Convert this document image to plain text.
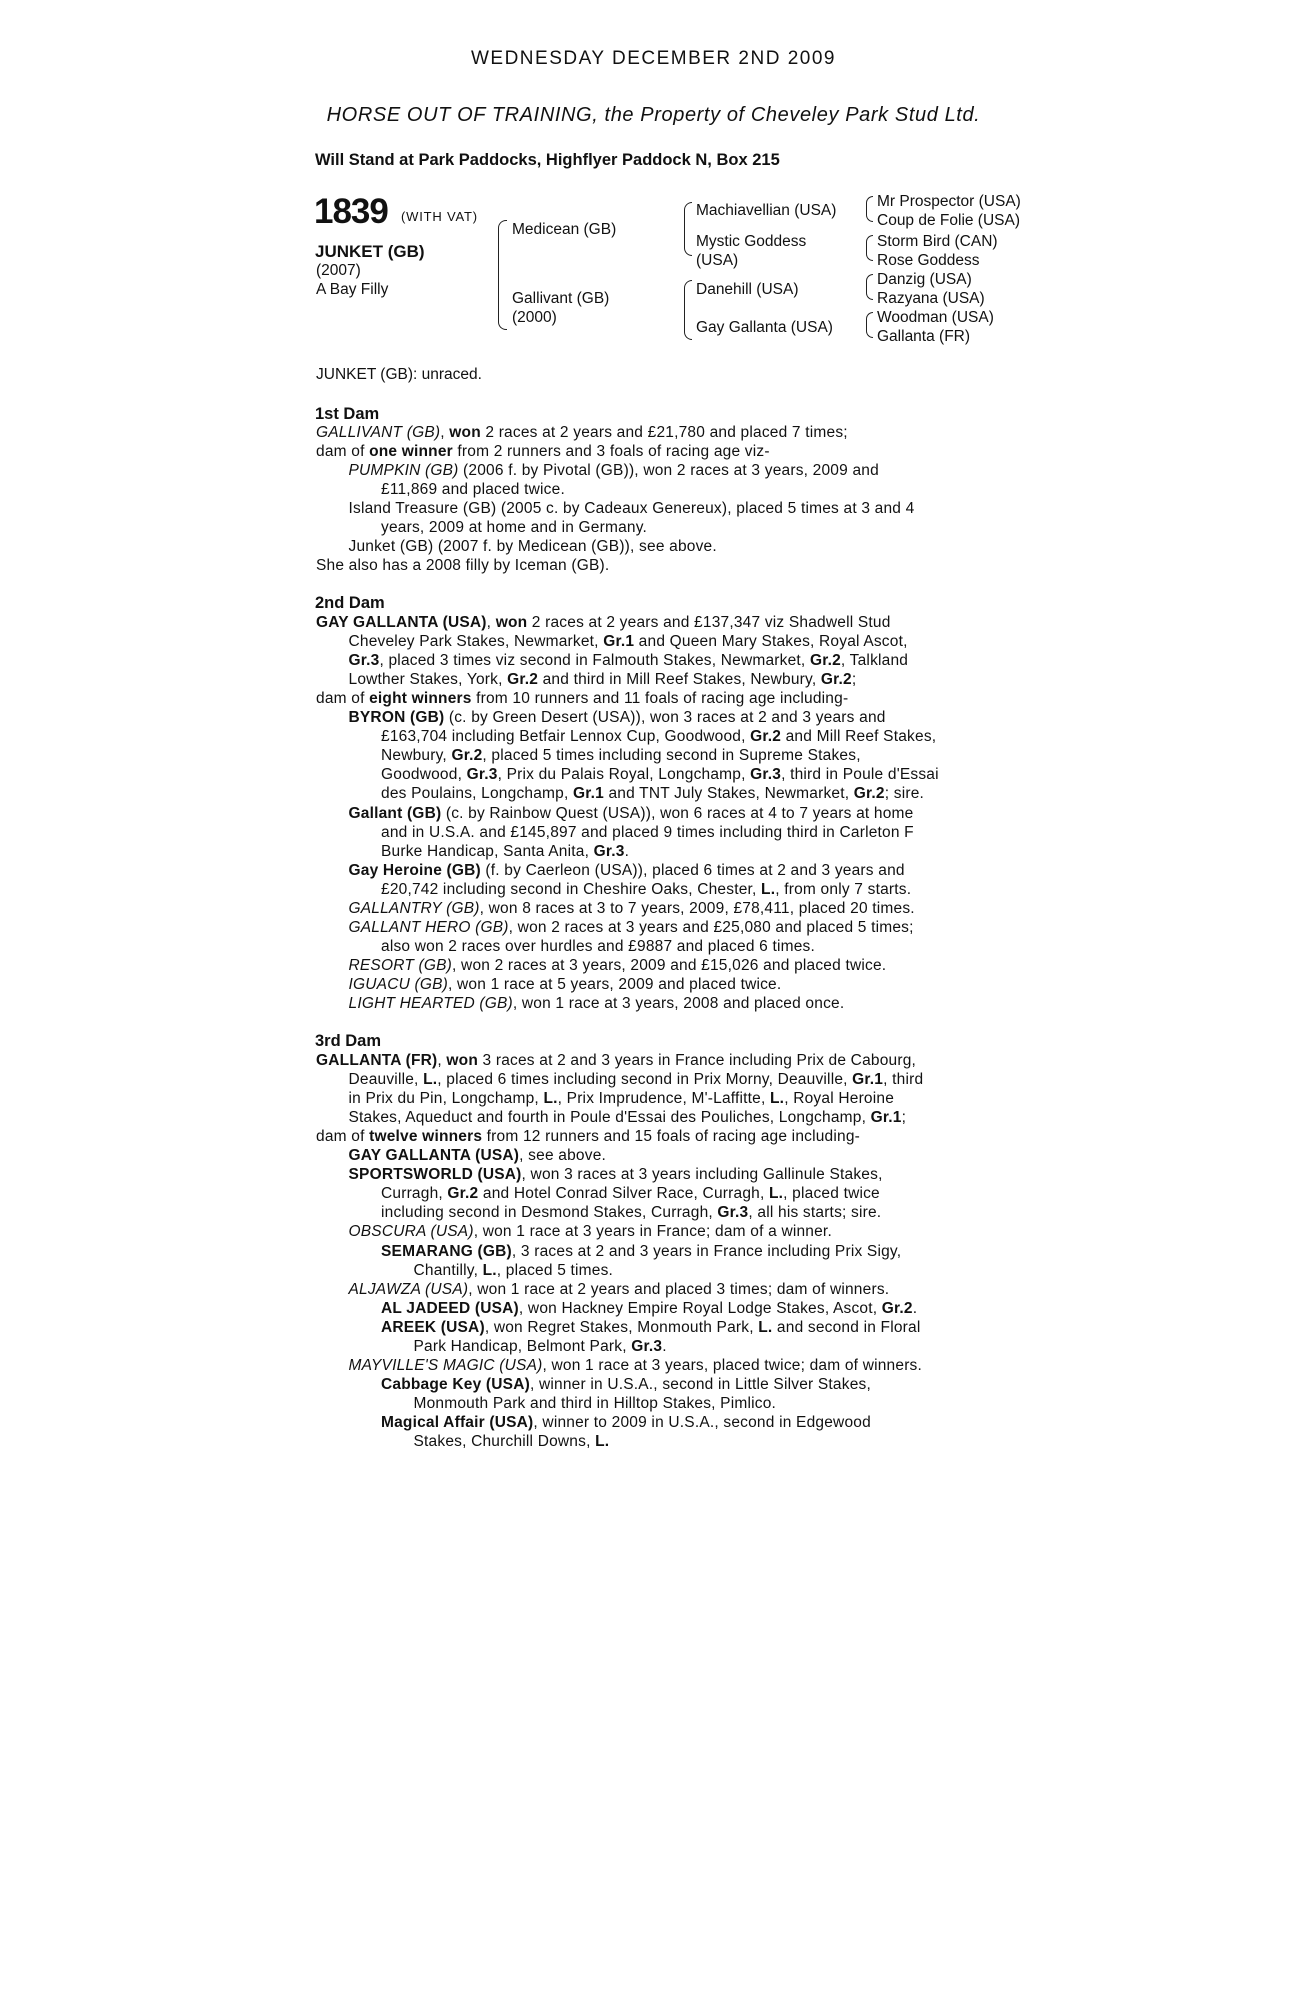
WEDNESDAY DECEMBER 2ND 2009
HORSE OUT OF TRAINING, the Property of Cheveley Park Stud Ltd.
Will Stand at Park Paddocks, Highflyer Paddock N, Box 215
1839 (WITH VAT)
JUNKET (GB)
(2007)
A Bay Filly
Medicean (GB)
Gallivant (GB)
(2000)
Machiavellian (USA)
Mystic Goddess
(USA)
Danehill (USA)
Gay Gallanta (USA)
Mr Prospector (USA)
Coup de Folie (USA)
Storm Bird (CAN)
Rose Goddess
Danzig (USA)
Razyana (USA)
Woodman (USA)
Gallanta (FR)
JUNKET (GB): unraced.
1st Dam
GALLIVANT (GB), won 2 races at 2 years and £21,780 and placed 7 times;
dam of one winner from 2 runners and 3 foals of racing age viz-
PUMPKIN (GB) (2006 f. by Pivotal (GB)), won 2 races at 3 years, 2009 and
£11,869 and placed twice.
Island Treasure (GB) (2005 c. by Cadeaux Genereux), placed 5 times at 3 and 4
years, 2009 at home and in Germany.
Junket (GB) (2007 f. by Medicean (GB)), see above.
She also has a 2008 filly by Iceman (GB).
2nd Dam
GAY GALLANTA (USA), won 2 races at 2 years and £137,347 viz Shadwell Stud
Cheveley Park Stakes, Newmarket, Gr.1 and Queen Mary Stakes, Royal Ascot,
Gr.3, placed 3 times viz second in Falmouth Stakes, Newmarket, Gr.2, Talkland
Lowther Stakes, York, Gr.2 and third in Mill Reef Stakes, Newbury, Gr.2;
dam of eight winners from 10 runners and 11 foals of racing age including-
BYRON (GB) (c. by Green Desert (USA)), won 3 races at 2 and 3 years and
£163,704 including Betfair Lennox Cup, Goodwood, Gr.2 and Mill Reef Stakes,
Newbury, Gr.2, placed 5 times including second in Supreme Stakes,
Goodwood, Gr.3, Prix du Palais Royal, Longchamp, Gr.3, third in Poule d'Essai
des Poulains, Longchamp, Gr.1 and TNT July Stakes, Newmarket, Gr.2; sire.
Gallant (GB) (c. by Rainbow Quest (USA)), won 6 races at 4 to 7 years at home
and in U.S.A. and £145,897 and placed 9 times including third in Carleton F
Burke Handicap, Santa Anita, Gr.3.
Gay Heroine (GB) (f. by Caerleon (USA)), placed 6 times at 2 and 3 years and
£20,742 including second in Cheshire Oaks, Chester, L., from only 7 starts.
GALLANTRY (GB), won 8 races at 3 to 7 years, 2009, £78,411, placed 20 times.
GALLANT HERO (GB), won 2 races at 3 years and £25,080 and placed 5 times;
also won 2 races over hurdles and £9887 and placed 6 times.
RESORT (GB), won 2 races at 3 years, 2009 and £15,026 and placed twice.
IGUACU (GB), won 1 race at 5 years, 2009 and placed twice.
LIGHT HEARTED (GB), won 1 race at 3 years, 2008 and placed once.
3rd Dam
GALLANTA (FR), won 3 races at 2 and 3 years in France including Prix de Cabourg,
Deauville, L., placed 6 times including second in Prix Morny, Deauville, Gr.1, third
in Prix du Pin, Longchamp, L., Prix Imprudence, M'-Laffitte, L., Royal Heroine
Stakes, Aqueduct and fourth in Poule d'Essai des Pouliches, Longchamp, Gr.1;
dam of twelve winners from 12 runners and 15 foals of racing age including-
GAY GALLANTA (USA), see above.
SPORTSWORLD (USA), won 3 races at 3 years including Gallinule Stakes,
Curragh, Gr.2 and Hotel Conrad Silver Race, Curragh, L., placed twice
including second in Desmond Stakes, Curragh, Gr.3, all his starts; sire.
OBSCURA (USA), won 1 race at 3 years in France; dam of a winner.
SEMARANG (GB), 3 races at 2 and 3 years in France including Prix Sigy,
Chantilly, L., placed 5 times.
ALJAWZA (USA), won 1 race at 2 years and placed 3 times; dam of winners.
AL JADEED (USA), won Hackney Empire Royal Lodge Stakes, Ascot, Gr.2.
AREEK (USA), won Regret Stakes, Monmouth Park, L. and second in Floral
Park Handicap, Belmont Park, Gr.3.
MAYVILLE'S MAGIC (USA), won 1 race at 3 years, placed twice; dam of winners.
Cabbage Key (USA), winner in U.S.A., second in Little Silver Stakes,
Monmouth Park and third in Hilltop Stakes, Pimlico.
Magical Affair (USA), winner to 2009 in U.S.A., second in Edgewood
Stakes, Churchill Downs, L.
